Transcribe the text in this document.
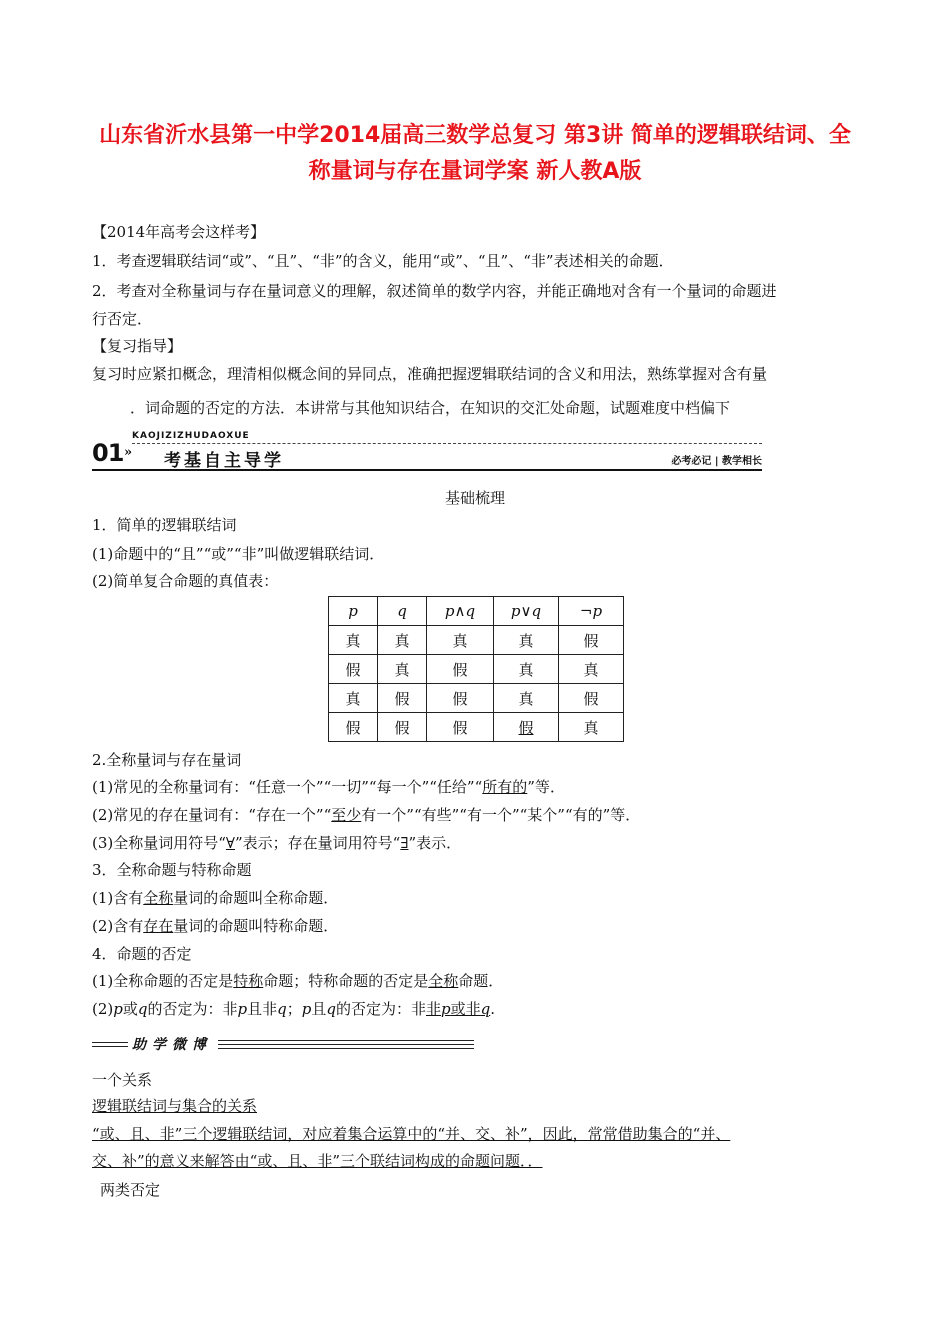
山东省沂水县第一中学2014届高三数学总复习 第3讲 简单的逻辑联结词、全
称量词与存在量词学案 新人教A版
【2014年高考会这样考】
1．考查逻辑联结词“或”、“且”、“非”的含义，能用“或”、“且”、“非”表述相关的命题．
2．考查对全称量词与存在量词意义的理解，叙述简单的数学内容，并能正确地对含有一个量词的命题进
行否定．
【复习指导】
复习时应紧扣概念，理清相似概念间的异同点，准确把握逻辑联结词的含义和用法，熟练掌握对含有量
．词命题的否定的方法．本讲常与其他知识结合，在知识的交汇处命题，试题难度中档偏下
KAOJIZIZHUDAOXUE
01 » 考基自主导学	必考必记 | 教学相长
基础梳理
1．简单的逻辑联结词
(1)命题中的“且”“或”“非”叫做逻辑联结词．
(2)简单复合命题的真值表：
p	q	p∧q	p∨q	¬p
真	真	真	真	假
假	真	假	真	真
真	假	假	真	假
假	假	假	假	真
2.全称量词与存在量词
(1)常见的全称量词有：“任意一个”“一切”“每一个”“任给”“所有的”等．
(2)常见的存在量词有：“存在一个”“至少有一个”“有些”“有一个”“某个”“有的”等．
(3)全称量词用符号“∀”表示；存在量词用符号“∃”表示．
3．全称命题与特称命题
(1)含有全称量词的命题叫全称命题．
(2)含有存在量词的命题叫特称命题．
4．命题的否定
(1)全称命题的否定是特称命题；特称命题的否定是全称命题．
(2)p或q的否定为：非p且非q；p且q的否定为：非非p或非q.
助学微博
一个关系
逻辑联结词与集合的关系
“或、且、非”三个逻辑联结词，对应着集合运算中的“并、交、补”，因此，常常借助集合的“并、
交、补”的意义来解答由“或、且、非”三个联结词构成的命题问题．．
两类否定
